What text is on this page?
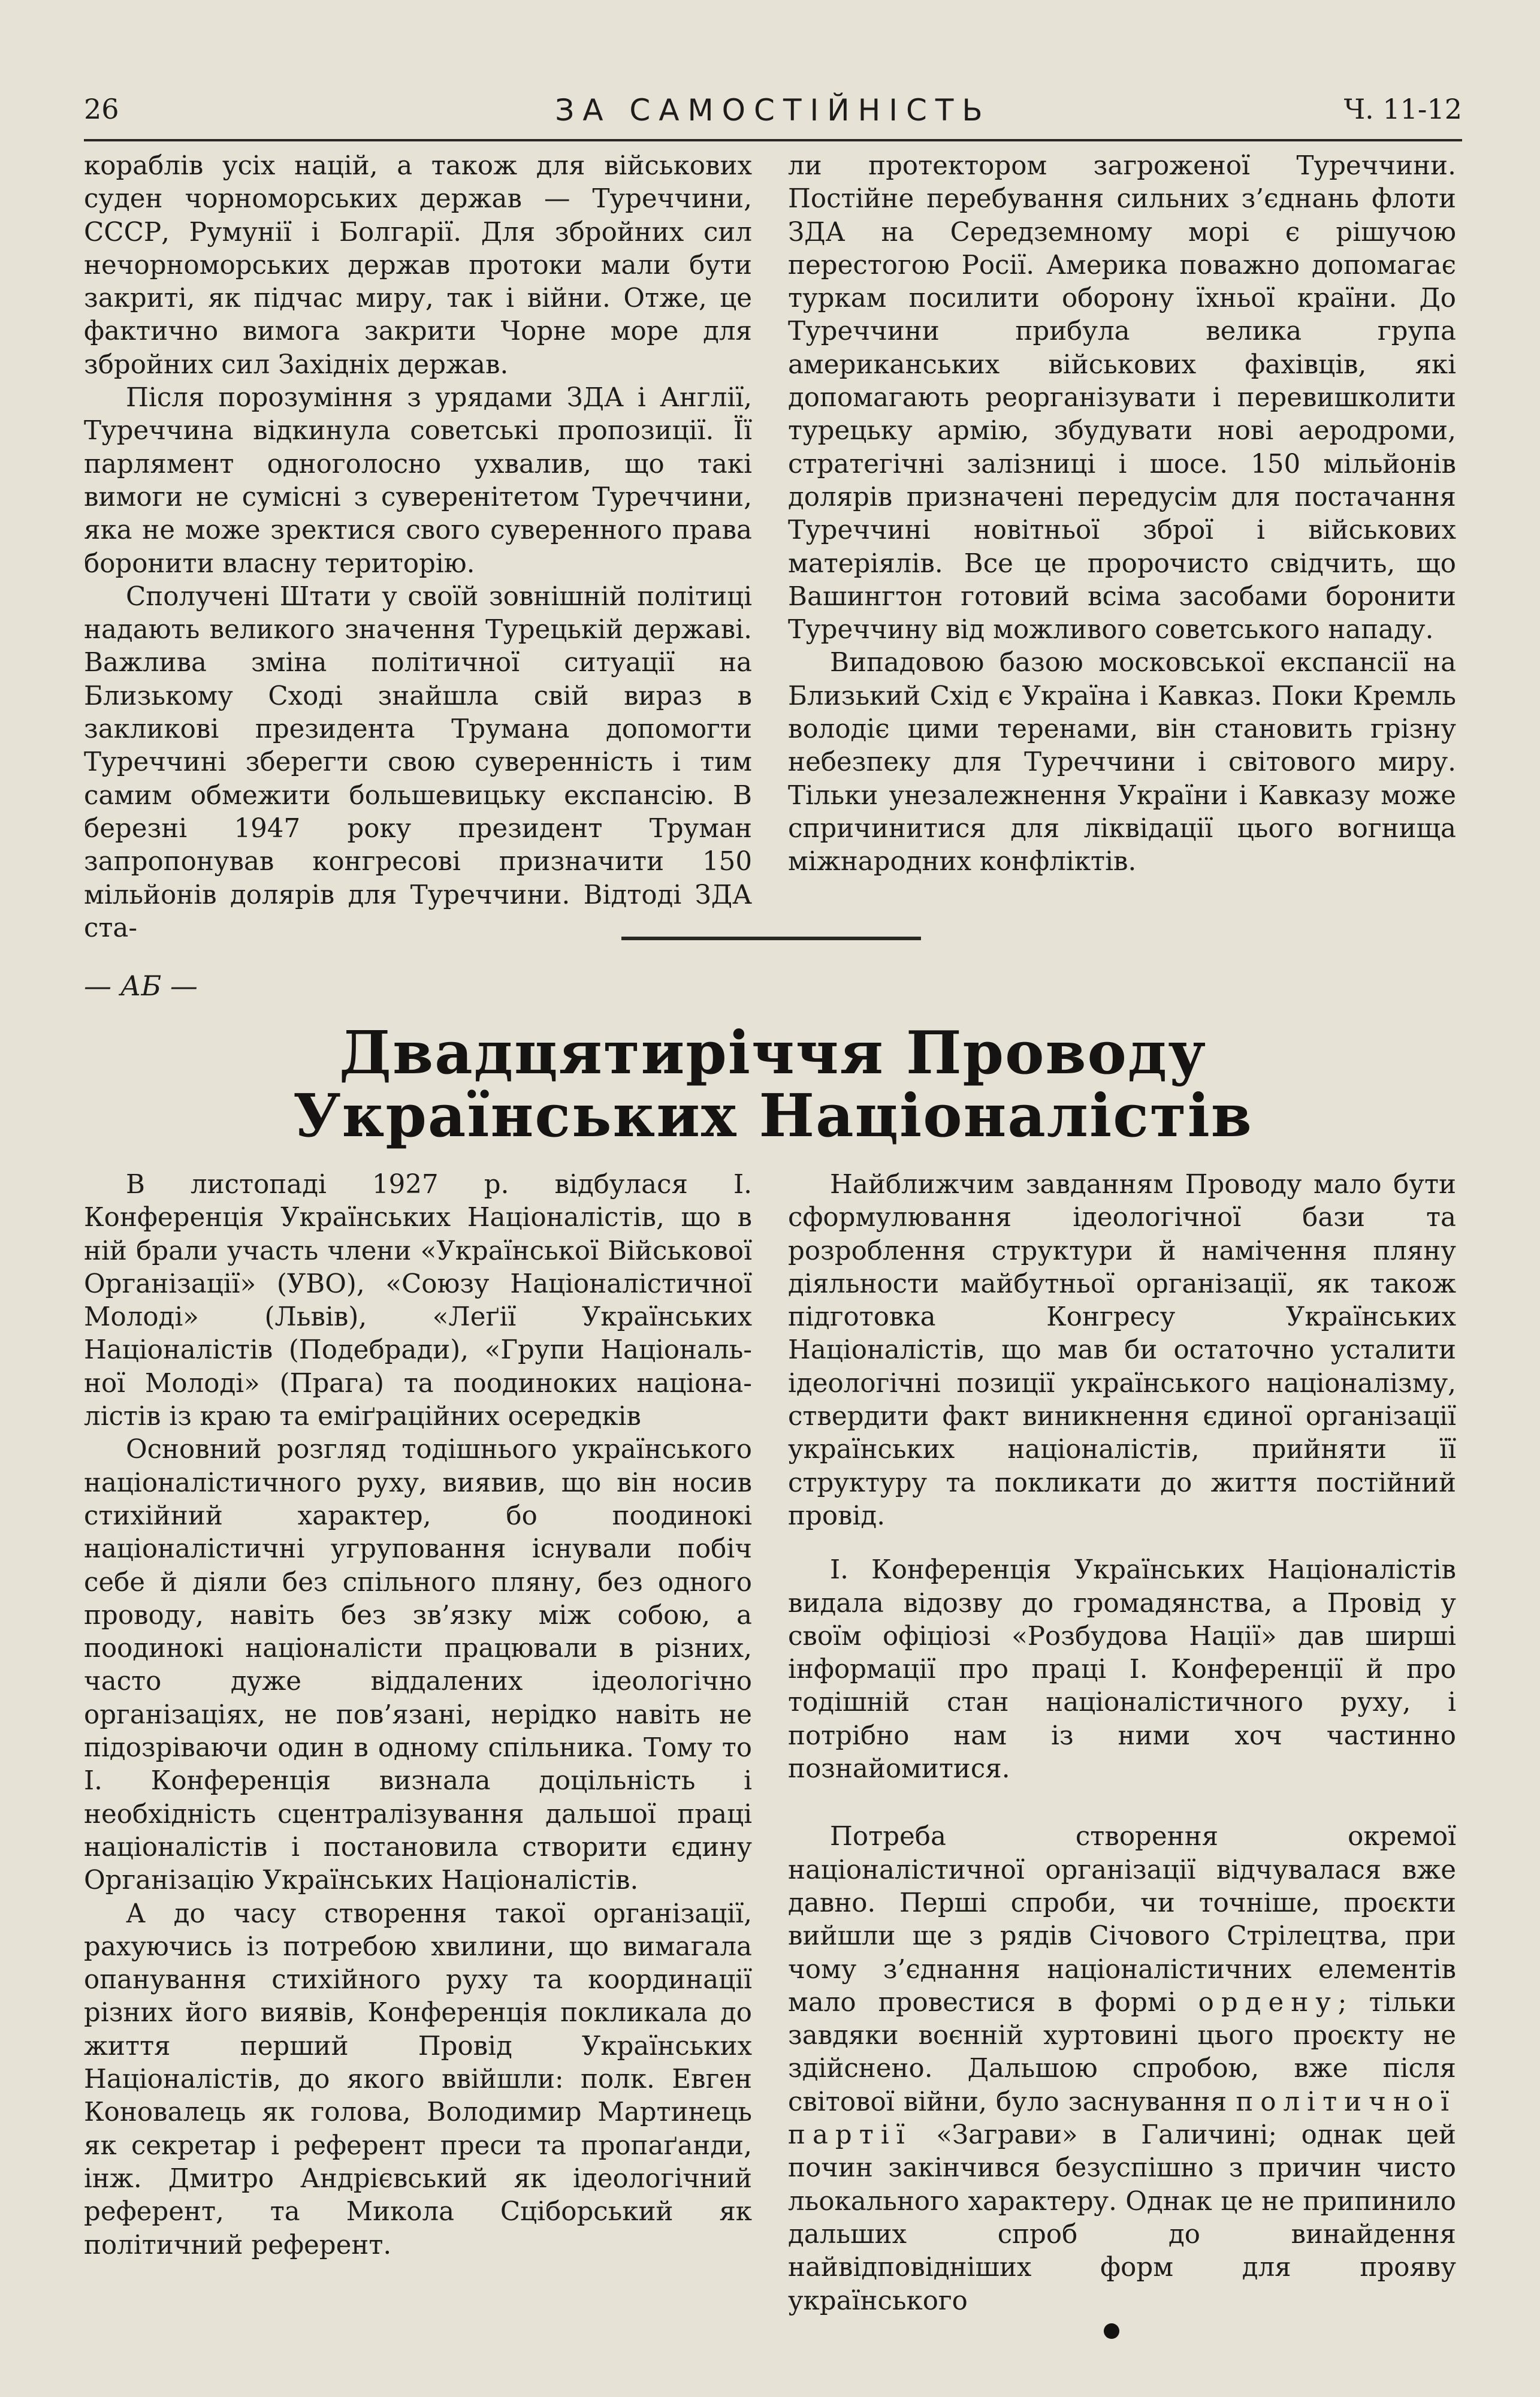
26	ЗА САМОСТІЙНІСТЬ	Ч. 11-12

кораблів усіх націй, а також для військових суден чорноморських держав — Туреччини, СССР, Румунії і Болгарії. Для збройних сил нечорноморських держав протоки мали бути закриті, як підчас миру, так і війни. Отже, це фактично вимога закрити Чорне море для збройних сил Західніх держав.

Після порозуміння з урядами ЗДА і Англії, Туреччина відкинула советські пропозиції. Її парлямент одноголосно ухвалив, що такі вимоги не сумісні з суверенітетом Туреччини, яка не може зректися свого суверенного права боронити власну територію.

Сполучені Штати у своїй зовнішній політиці надають великого значення Турецькій державі. Важлива зміна політичної ситуації на Близькому Сході знайшла свій вираз в закликові президента Трумана допомогти Туреччині зберегти свою суверенність і тим самим обмежити большевицьку експансію. В березні 1947 року президент Труман запропонував конгресові призначити 150 мільйонів долярів для Туреччини. Відтоді ЗДА ста-

ли протектором загроженої Туреччини. Постійне перебування сильних з’єднань флоти ЗДА на Середземному морі є рішучою перестогою Росії. Америка поважно допомагає туркам посилити оборону їхньої країни. До Туреччини прибула велика група американських військових фахівців, які допомагають реорганізувати і перевишколити турецьку армію, збудувати нові аеродроми, стратегічні залізниці і шосе. 150 мільйонів долярів призначені передусім для постачання Туреччині новітньої зброї і військових матеріялів. Все це пророчисто свідчить, що Вашингтон готовий всіма засобами боронити Туреччину від можливого советського нападу.

Випадовою базою московської експансії на Близький Схід є Україна і Кавказ. Поки Кремль володіє цими теренами, він становить грізну небезпеку для Туреччини і світового миру. Тільки унезалежнення України і Кавказу може спричинитися для ліквідації цього вогнища міжнародних конфліктів.

— АБ —
Двадцятиріччя Проводу
Українських Націоналістів

В листопаді 1927 р. відбулася І. Конференція Українських Націоналістів, що в ній брали участь члени «Української Військової Організації» (УВО), «Союзу Націоналістичної Молоді» (Львів), «Леґії Українських Націоналістів (Подебради), «Групи Національної Молоді» (Прага) та поодиноких націоналістів із краю та еміґраційних осередків

Основний розгляд тодішнього українського націоналістичного руху, виявив, що він носив стихійний характер, бо поодинокі націоналістичні угруповання існували побіч себе й діяли без спільного пляну, без одного проводу, навіть без зв’язку між собою, а поодинокі націоналісти працювали в різних, часто дуже віддалених ідеологічно організаціях, не пов’язані, нерідко навіть не підозріваючи один в одному спільника. Тому то І. Конференція визнала доцільність і необхідність сцентралізування дальшої праці націоналістів і постановила створити єдину Організацію Українських Націоналістів.

А до часу створення такої організації, рахуючись із потребою хвилини, що вимагала опанування стихійного руху та координації різних його виявів, Конференція покликала до життя перший Провід Українських Націоналістів, до якого ввійшли: полк. Евген Коновалець як голова, Володимир Мартинець як секретар і референт преси та пропаґанди, інж. Дмитро Андрієвський як ідеологічний референт, та Микола Сціборський як політичний референт.

Найближчим завданням Проводу мало бути сформулювання ідеологічної бази та розроблення структури й намічення пляну діяльности майбутньої організації, як також підготовка Конгресу Українських Націоналістів, що мав би остаточно усталити ідеологічні позиції українського націоналізму, ствердити факт виникнення єдиної організації українських націоналістів, прийняти її структуру та покликати до життя постійний провід.

І. Конференція Українських Націоналістів видала відозву до громадянства, а Провід у своїм офіціозі «Розбудова Нації» дав ширші інформації про праці І. Конференції й про тодішній стан націоналістичного руху, і потрібно нам із ними хоч частинно познайомитися.

Потреба створення окремої націоналістичної організації відчувалася вже давно. Перші спроби, чи точніше, проєкти вийшли ще з рядів Січового Стрілецтва, при чому з’єднання націоналістичних елементів мало провестися в формі ордену; тільки завдяки воєнній хуртовині цього проєкту не здійснено. Дальшою спробою, вже після світової війни, було заснування політичної партії «Заграви» в Галичині; однак цей почин закінчився безуспішно з причин чисто льокального характеру. Однак це не припинило дальших спроб до винайдення найвідповідніших форм для прояву українського
